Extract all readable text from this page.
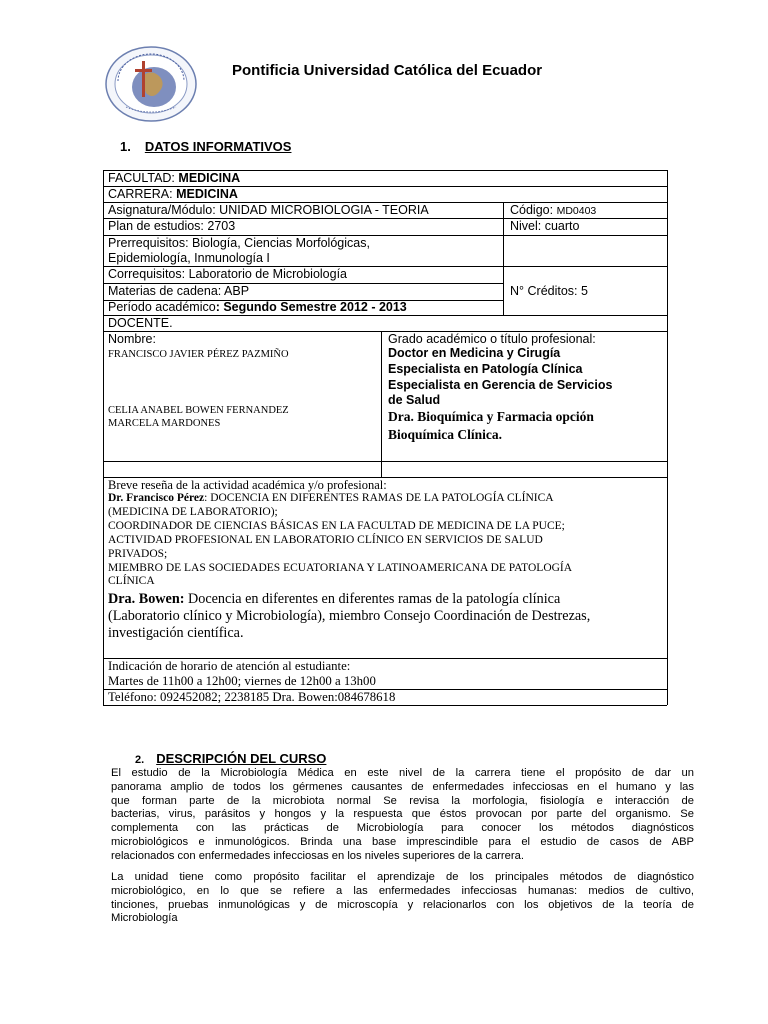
Pontificia Universidad Católica del Ecuador
1. DATOS INFORMATIVOS
FACULTAD: MEDICINA
CARRERA: MEDICINA
Asignatura/Módulo: UNIDAD MICROBIOLOGIA - TEORIA	Código: MD0403
Plan de estudios: 2703	Nivel: cuarto
Prerrequisitos: Biología, Ciencias Morfológicas,
Epidemiología, Inmunología I
Correquisitos: Laboratorio de Microbiología
Materias de cadena: ABP	N° Créditos: 5
Período académico: Segundo Semestre 2012 - 2013
DOCENTE.
Nombre:
FRANCISCO JAVIER PÉREZ PAZMIÑO
CELIA ANABEL BOWEN FERNANDEZ
MARCELA MARDONES
Grado académico o título profesional:
Doctor en Medicina y Cirugía
Especialista en Patología Clínica
Especialista en Gerencia de Servicios
de Salud
Dra. Bioquímica y Farmacia opción
Bioquímica Clínica.
Breve reseña de la actividad académica y/o profesional:
Dr. Francisco Pérez: DOCENCIA EN DIFERENTES RAMAS DE LA PATOLOGÍA CLÍNICA
(MEDICINA DE LABORATORIO);
COORDINADOR DE CIENCIAS BÁSICAS EN LA FACULTAD DE MEDICINA DE LA PUCE;
ACTIVIDAD PROFESIONAL EN LABORATORIO CLÍNICO EN SERVICIOS DE SALUD
PRIVADOS;
MIEMBRO DE LAS SOCIEDADES ECUATORIANA Y LATINOAMERICANA DE PATOLOGÍA
CLÍNICA
Dra. Bowen: Docencia en diferentes en diferentes ramas de la patología clínica
(Laboratorio clínico y Microbiología), miembro Consejo Coordinación de Destrezas,
investigación científica.
Indicación de horario de atención al estudiante:
Martes de 11h00 a 12h00; viernes de 12h00 a 13h00
Teléfono: 092452082; 2238185 Dra. Bowen:084678618
2. DESCRIPCIÓN DEL CURSO
El estudio de la Microbiología Médica en este nivel de la carrera tiene el propósito de dar un
panorama amplio de todos los gérmenes causantes de enfermedades infecciosas en el humano y las
que forman parte de la microbiota normal Se revisa la morfologia, fisiología e interacción de
bacterias, virus, parásitos y hongos y la respuesta que éstos provocan por parte del organismo. Se
complementa con las prácticas de Microbiología para conocer los métodos diagnósticos
microbiológicos e inmunológicos. Brinda una base imprescindible para el estudio de casos de ABP
relacionados con enfermedades infecciosas en los niveles superiores de la carrera.
La unidad tiene como propósito facilitar el aprendizaje de los principales métodos de diagnóstico
microbiológico, en lo que se refiere a las enfermedades infecciosas humanas: medios de cultivo,
tinciones, pruebas inmunológicas y de microscopía y relacionarlos con los objetivos de la teoría de
Microbiología
